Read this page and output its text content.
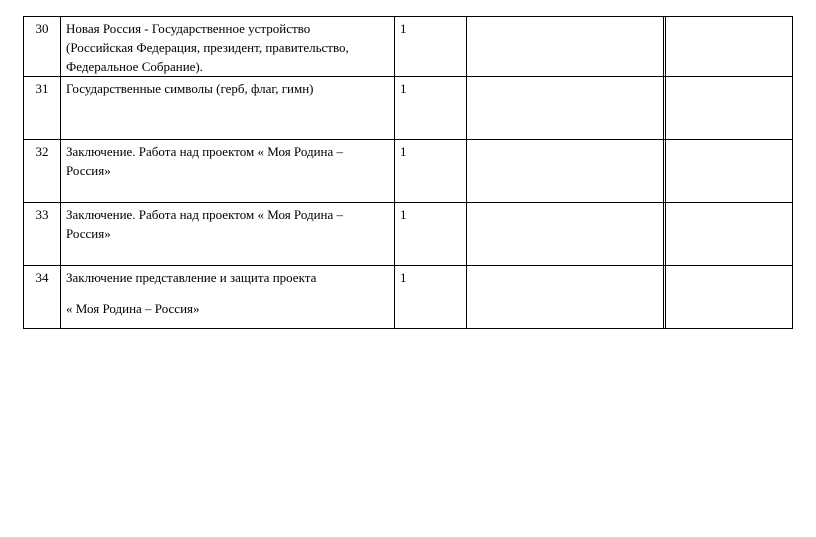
30	Новая Россия - Государственное устройство
(Российская Федерация, президент, правительство,
Федеральное Собрание).	1			
31	Государственные символы (герб, флаг, гимн)	1			
32	Заключение. Работа над проектом « Моя Родина –
Россия»	1			
33	Заключение. Работа над проектом « Моя Родина –
Россия»	1			
34	Заключение представление и защита проекта
« Моя Родина – Россия»	1			
